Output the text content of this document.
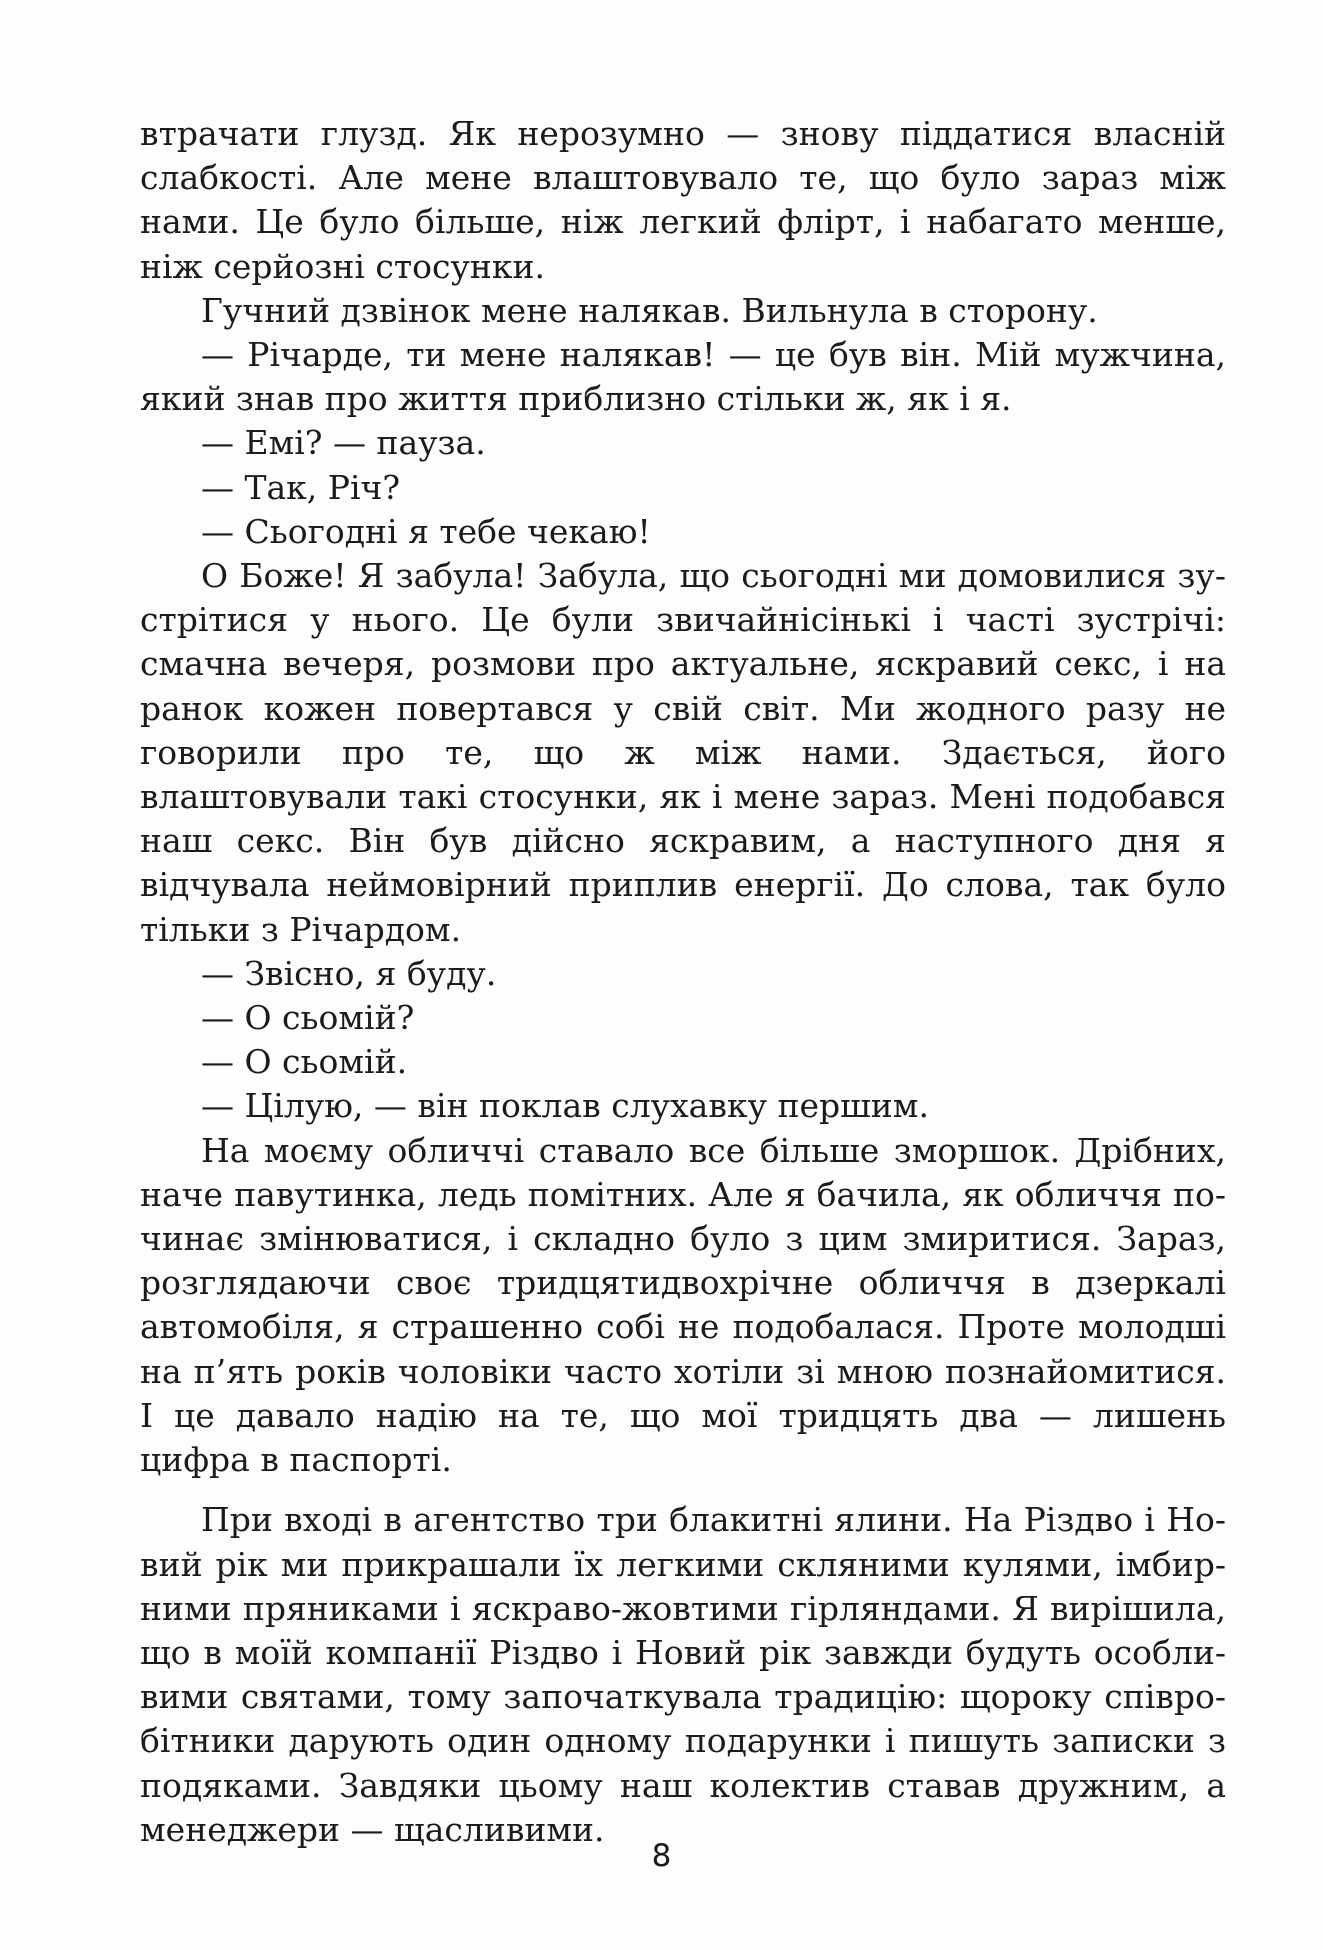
втрачати глузд. Як нерозумно — знову піддатися власній слабкості. Але мене влаштовувало те, що було зараз між нами. Це було більше, ніж легкий флірт, і набагато менше, ніж серйозні стосунки.

Гучний дзвінок мене налякав. Вильнула в сторону.

— Річарде, ти мене налякав! — це був він. Мій мужчина, який знав про життя приблизно стільки ж, як і я.

— Емі? — пауза.

— Так, Річ?

— Сьогодні я тебе чекаю!

О Боже! Я забула! Забула, що сьогодні ми домовилися зустрітися у нього. Це були звичайнісінькі і часті зустрічі: смачна вечеря, розмови про актуальне, яскравий секс, і на ранок кожен повертався у свій світ. Ми жодного разу не говорили про те, що ж між нами. Здається, його влаштовували такі стосунки, як і мене зараз. Мені подобався наш секс. Він був дійсно яскравим, а наступного дня я відчувала неймовірний приплив енергії. До слова, так було тільки з Річардом.

— Звісно, я буду.

— О сьомій?

— О сьомій.

— Цілую, — він поклав слухавку першим.

На моєму обличчі ставало все більше зморшок. Дрібних, наче павутинка, ледь помітних. Але я бачила, як обличчя починає змінюватися, і складно було з цим змиритися. Зараз, розглядаючи своє тридцятидвохрічне обличчя в дзеркалі автомобіля, я страшенно собі не подобалася. Проте молодші на п’ять років чоловіки часто хотіли зі мною познайомитися. І це давало надію на те, що мої тридцять два — лишень цифра в паспорті.

При вході в агентство три блакитні ялини. На Різдво і Новий рік ми прикрашали їх легкими скляними кулями, імбирними пряниками і яскраво-жовтими гірляндами. Я вирішила, що в моїй компанії Різдво і Новий рік завжди будуть особливими святами, тому започаткувала традицію: щороку співробітники дарують один одному подарунки і пишуть записки з подяками. Завдяки цьому наш колектив ставав дружним, а менеджери — щасливими.

8
